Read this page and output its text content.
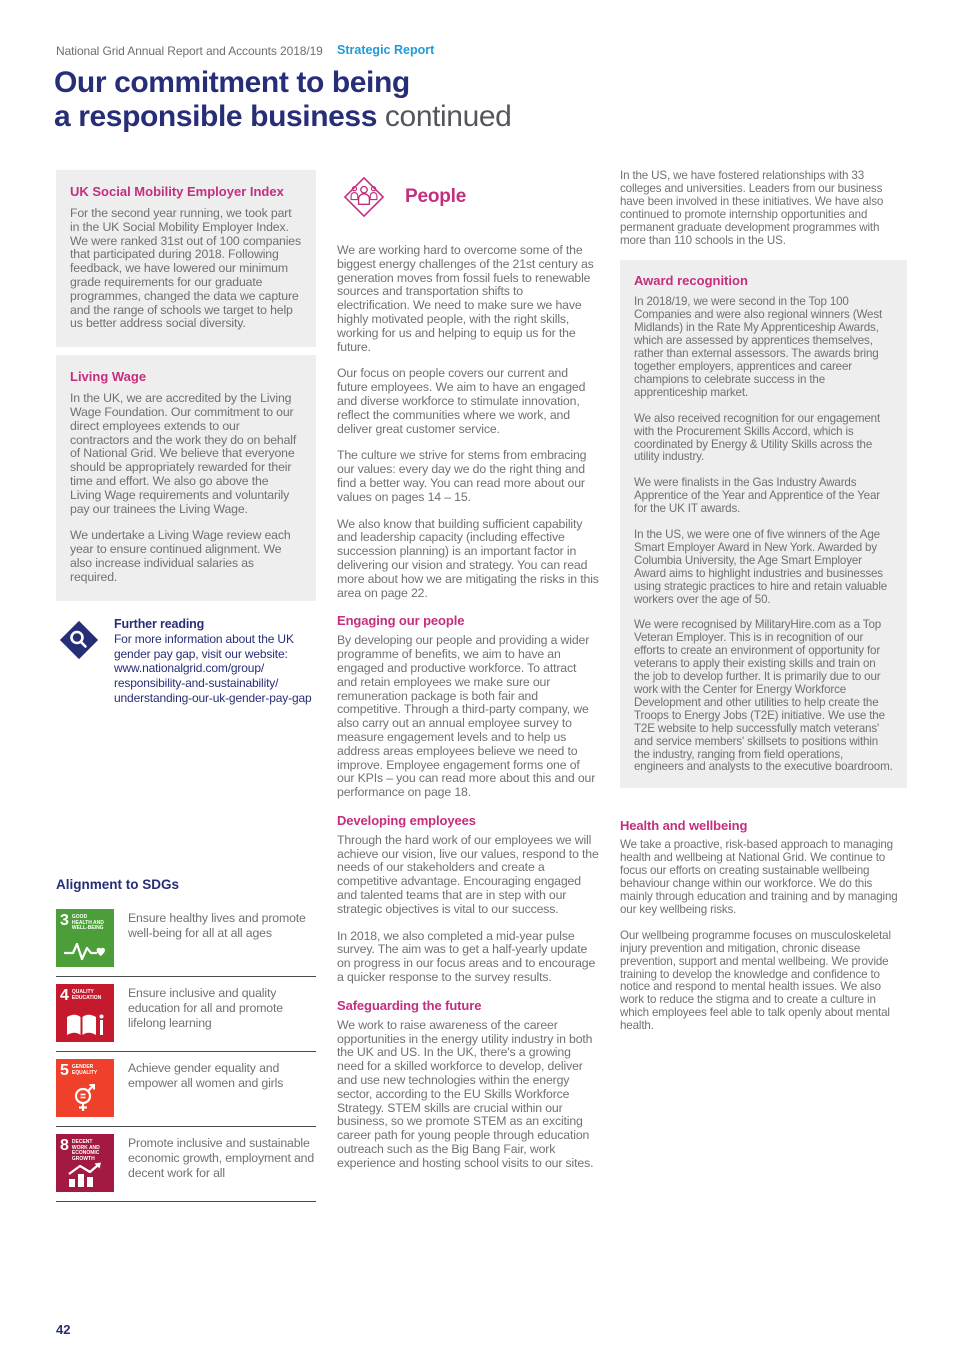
National Grid Annual Report and Accounts 2018/19 Strategic Report
Our commitment to being
a responsible business continued
UK Social Mobility Employer Index

For the second year running, we took part in the UK Social Mobility Employer Index. We were ranked 31st out of 100 companies that participated during 2018. Following feedback, we have lowered our minimum grade requirements for our graduate programmes, changed the data we capture and the range of schools we target to help us better address social diversity.

Living Wage

In the UK, we are accredited by the Living Wage Foundation. Our commitment to our direct employees extends to our contractors and the work they do on behalf of National Grid. We believe that everyone should be appropriately rewarded for their time and effort. We also go above the Living Wage requirements and voluntarily pay our trainees the Living Wage.

We undertake a Living Wage review each year to ensure continued alignment. We also increase individual salaries as required.

Further reading
For more information about the UK gender pay gap, visit our website:
www.nationalgrid.com/group/
responsibility-and-sustainability/
understanding-our-uk-gender-pay-gap
Alignment to SDGs
3 GOOD HEALTH AND WELL-BEING
Ensure healthy lives and promote well-being for all at all ages
4 QUALITY EDUCATION	Ensure inclusive and quality education for all and promote lifelong learning
5 GENDER EQUALITY	Achieve gender equality and empower all women and girls
8 DECENT WORK AND ECONOMIC GROWTH
Promote inclusive and sustainable economic growth, employment and decent work for all
People

We are working hard to overcome some of the biggest energy challenges of the 21st century as generation moves from fossil fuels to renewable sources and transportation shifts to electrification. We need to make sure we have highly motivated people, with the right skills, working for us and helping to equip us for the future.

Our focus on people covers our current and future employees. We aim to have an engaged and diverse workforce to stimulate innovation, reflect the communities where we work, and deliver great customer service.

The culture we strive for stems from embracing our values: every day we do the right thing and find a better way. You can read more about our values on pages 14 – 15.

We also know that building sufficient capability and leadership capacity (including effective succession planning) is an important factor in delivering our vision and strategy. You can read more about how we are mitigating the risks in this area on page 22.

Engaging our people

By developing our people and providing a wider programme of benefits, we aim to have an engaged and productive workforce. To attract and retain employees we make sure our remuneration package is both fair and competitive. Through a third-party company, we also carry out an annual employee survey to measure engagement levels and to help us address areas employees believe we need to improve. Employee engagement forms one of our KPIs – you can read more about this and our performance on page 18.

Developing employees

Through the hard work of our employees we will achieve our vision, live our values, respond to the needs of our stakeholders and create a competitive advantage. Encouraging engaged and talented teams that are in step with our strategic objectives is vital to our success.

In 2018, we also completed a mid-year pulse survey. The aim was to get a half-yearly update on progress in our focus areas and to encourage a quicker response to the survey results.

Safeguarding the future

We work to raise awareness of the career opportunities in the energy utility industry in both the UK and US. In the UK, there's a growing need for a skilled workforce to develop, deliver and use new technologies within the energy sector, according to the EU Skills Workforce Strategy. STEM skills are crucial within our business, so we promote STEM as an exciting career path for young people through education outreach such as the Big Bang Fair, work experience and hosting school visits to our sites.

In the US, we have fostered relationships with 33 colleges and universities. Leaders from our business have been involved in these initiatives. We have also continued to promote internship opportunities and permanent graduate development programmes with more than 110 schools in the US.

Award recognition

In 2018/19, we were second in the Top 100 Companies and were also regional winners (West Midlands) in the Rate My Apprenticeship Awards, which are assessed by apprentices themselves, rather than external assessors. The awards bring together employers, apprentices and career champions to celebrate success in the apprenticeship market.

We also received recognition for our engagement with the Procurement Skills Accord, which is coordinated by Energy & Utility Skills across the utility industry.

We were finalists in the Gas Industry Awards Apprentice of the Year and Apprentice of the Year for the UK IT awards.

In the US, we were one of five winners of the Age Smart Employer Award in New York. Awarded by Columbia University, the Age Smart Employer Award aims to highlight industries and businesses using strategic practices to hire and retain valuable workers over the age of 50.

We were recognised by MilitaryHire.com as a Top Veteran Employer. This is in recognition of our efforts to create an environment of opportunity for veterans to apply their existing skills and train on the job to develop further. It is primarily due to our work with the Center for Energy Workforce Development and other utilities to help create the Troops to Energy Jobs (T2E) initiative. We use the T2E website to help successfully match veterans' and service members' skillsets to positions within the industry, ranging from field operations, engineers and analysts to the executive boardroom.

Health and wellbeing

We take a proactive, risk-based approach to managing health and wellbeing at National Grid. We continue to focus our efforts on creating sustainable wellbeing behaviour change within our workforce. We do this mainly through education and training and by managing our key wellbeing risks.

Our wellbeing programme focuses on musculoskeletal injury prevention and mitigation, chronic disease prevention, support and mental wellbeing. We provide training to develop the knowledge and confidence to notice and respond to mental health issues. We also work to reduce the stigma and to create a culture in which employees feel able to talk openly about mental health.

42
